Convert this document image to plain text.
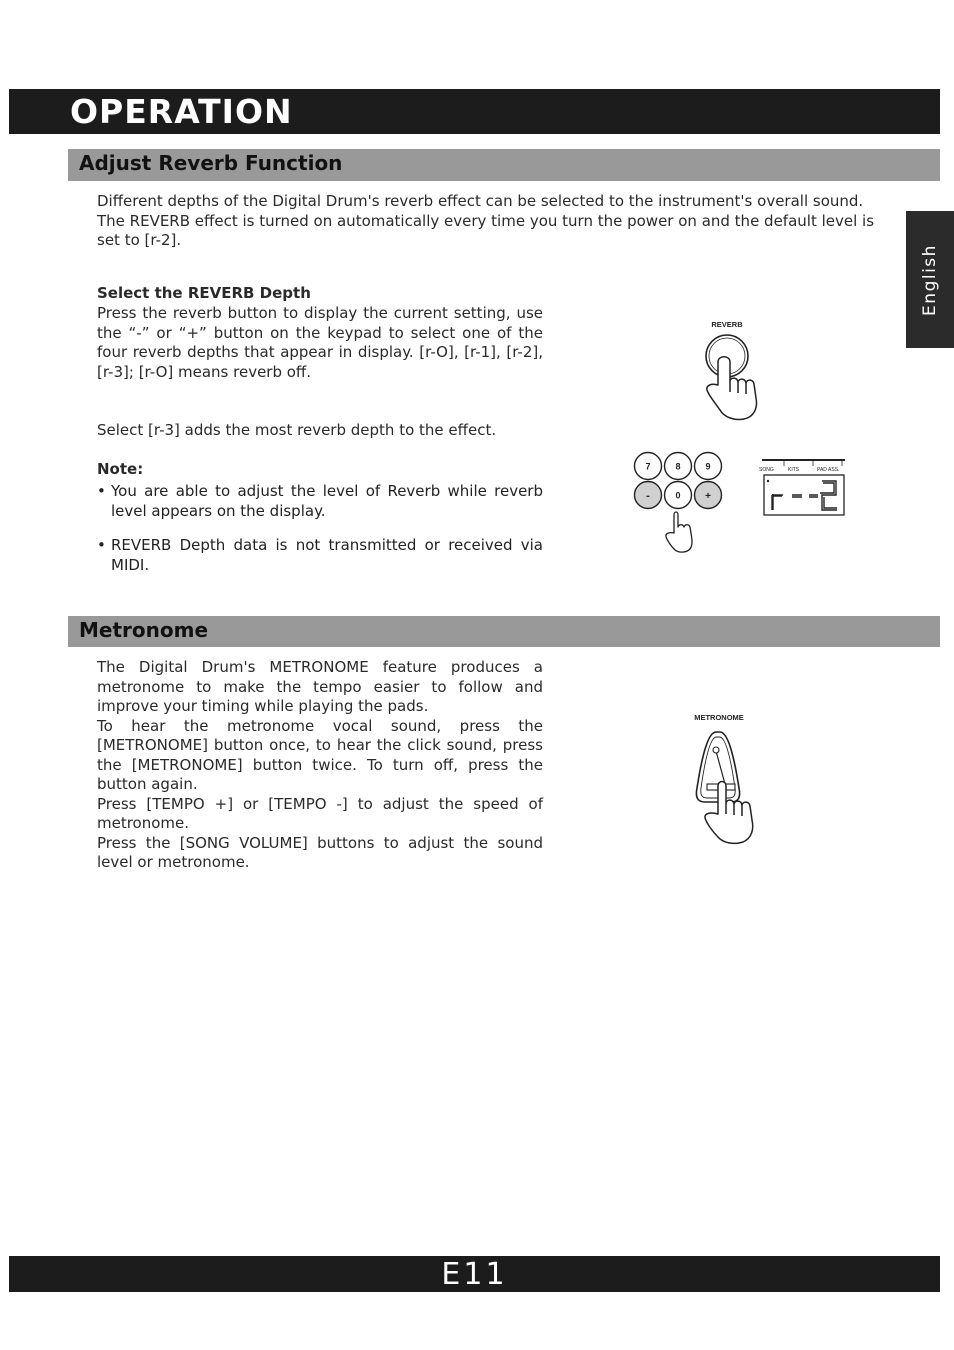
OPERATION
English
Adjust Reverb Function
Different depths of the Digital Drum's reverb effect can be selected to the instrument's overall sound.
The REVERB effect is turned on automatically every time you turn the power on and the default level is set to [r-2].
Select the REVERB Depth
Press the reverb button to display the current setting, use the “-” or “+” button on the keypad to select one of the four reverb depths that appear in display. [r-O], [r-1], [r-2], [r-3]; [r-O] means reverb off.
Select [r-3] adds the most reverb depth to the effect.
Note:
• You are able to adjust the level of Reverb while reverb level appears on the display.
• REVERB Depth data is not transmitted or received via MIDI.
REVERB
7	8	9
-	0 +
SONG	KITS	PAD ASS.
r -2
Metronome
The Digital Drum's METRONOME feature produces a metronome to make the tempo easier to follow and improve your timing while playing the pads.
To hear the metronome vocal sound, press the [METRONOME] button once, to hear the click sound, press the [METRONOME] button twice. To turn off, press the button again.
Press [TEMPO +] or [TEMPO -] to adjust the speed of metronome.
Press the [SONG VOLUME] buttons to adjust the sound level or metronome.
METRONOME
E11
